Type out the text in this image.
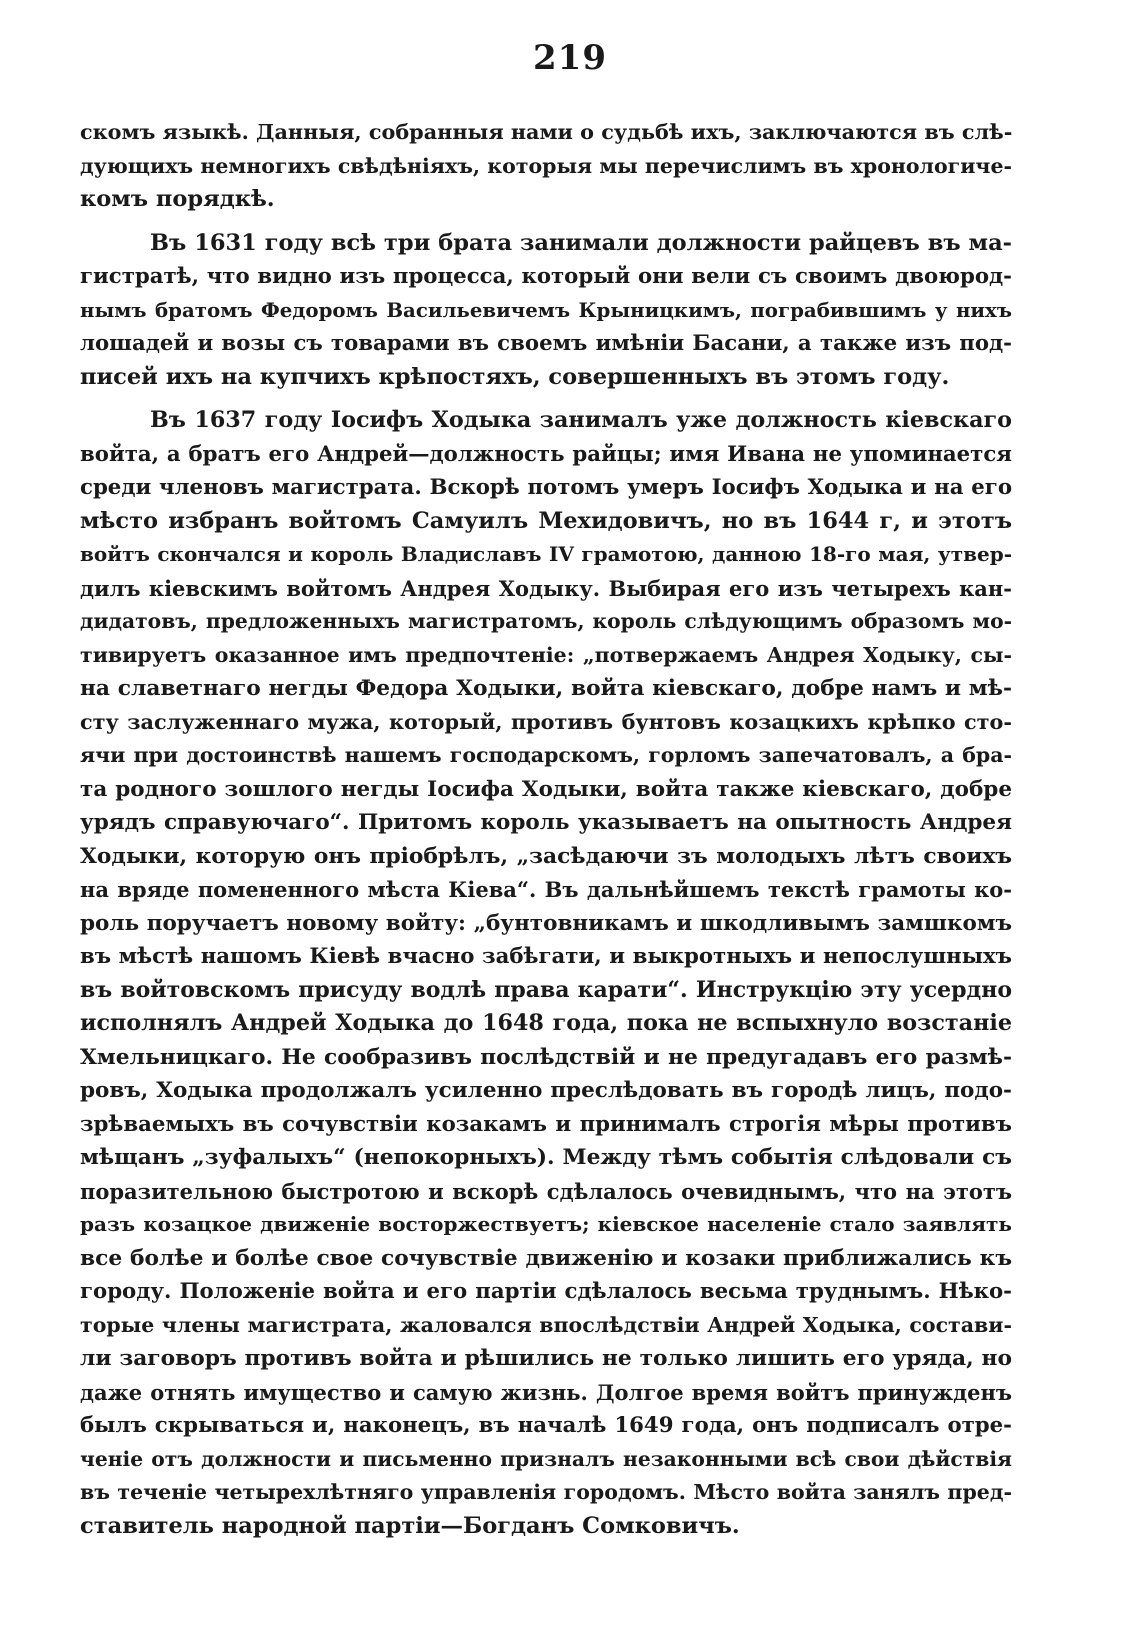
219
скомъ языкѣ. Данныя, собранныя нами о судьбѣ ихъ, заключаются въ слѣ-
дующихъ немногихъ свѣдѣніяхъ, которыя мы перечислимъ въ хронологиче-
комъ порядкѣ.
Въ 1631 году всѣ три брата занимали должности райцевъ въ ма-
гистратѣ, что видно изъ процесса, который они вели съ своимъ двоюрод-
нымъ братомъ Федоромъ Васильевичемъ Крыницкимъ, пограбившимъ у нихъ
лошадей и возы съ товарами въ своемъ имѣніи Басани, а также изъ под-
писей ихъ на купчихъ крѣпостяхъ, совершенныхъ въ этомъ году.
Въ 1637 году Іосифъ Ходыка занималъ уже должность кіевскаго
войта, а братъ его Андрей—должность райцы; имя Ивана не упоминается
среди членовъ магистрата. Вскорѣ потомъ умеръ Іосифъ Ходыка и на его
мѣсто избранъ войтомъ Самуилъ Мехидовичъ, но въ 1644 г, и этотъ
войтъ скончался и король Владиславъ IV грамотою, данною 18-го мая, утвер-
дилъ кіевскимъ войтомъ Андрея Ходыку. Выбирая его изъ четырехъ кан-
дидатовъ, предложенныхъ магистратомъ, король слѣдующимъ образомъ мо-
тивируетъ оказанное имъ предпочтеніе: „потвержаемъ Андрея Ходыку, сы-
на славетнаго негды Федора Ходыки, войта кіевскаго, добре намъ и мѣ-
сту заслуженнаго мужа, который, противъ бунтовъ козацкихъ крѣпко сто-
ячи при достоинствѣ нашемъ господарскомъ, горломъ запечатовалъ, а бра-
та родного зошлого негды Іосифа Ходыки, войта также кіевскаго, добре
урядъ справуючаго“. Притомъ король указываетъ на опытность Андрея
Ходыки, которую онъ пріобрѣлъ, „засѣдаючи зъ молодыхъ лѣтъ своихъ
на вряде помененного мѣста Кіева“. Въ дальнѣйшемъ текстѣ грамоты ко-
роль поручаетъ новому войту: „бунтовникамъ и шкодливымъ замшкомъ
въ мѣстѣ нашомъ Кіевѣ вчасно забѣгати, и выкротныхъ и непослушныхъ
въ войтовскомъ присуду водлѣ права карати“. Инструкцію эту усердно
исполнялъ Андрей Ходыка до 1648 года, пока не вспыхнуло возстаніе
Хмельницкаго. Не сообразивъ послѣдствій и не предугадавъ его размѣ-
ровъ, Ходыка продолжалъ усиленно преслѣдовать въ городѣ лицъ, подо-
зрѣваемыхъ въ сочувствіи козакамъ и принималъ строгія мѣры противъ
мѣщанъ „зуфалыхъ“ (непокорныхъ). Между тѣмъ событія слѣдовали съ
поразительною быстротою и вскорѣ сдѣлалось очевиднымъ, что на этотъ
разъ козацкое движеніе восторжествуетъ; кіевское населеніе стало заявлять
все болѣе и болѣе свое сочувствіе движенію и козаки приближались къ
городу. Положеніе войта и его партіи сдѣлалось весьма труднымъ. Нѣко-
торые члены магистрата, жаловался впослѣдствіи Андрей Ходыка, состави-
ли заговоръ противъ войта и рѣшились не только лишить его уряда, но
даже отнять имущество и самую жизнь. Долгое время войтъ принужденъ
былъ скрываться и, наконецъ, въ началѣ 1649 года, онъ подписалъ отре-
ченіе отъ должности и письменно призналъ незаконными всѣ свои дѣйствія
въ теченіе четырехлѣтняго управленія городомъ. Мѣсто войта занялъ пред-
ставитель народной партіи—Богданъ Сомковичъ.
